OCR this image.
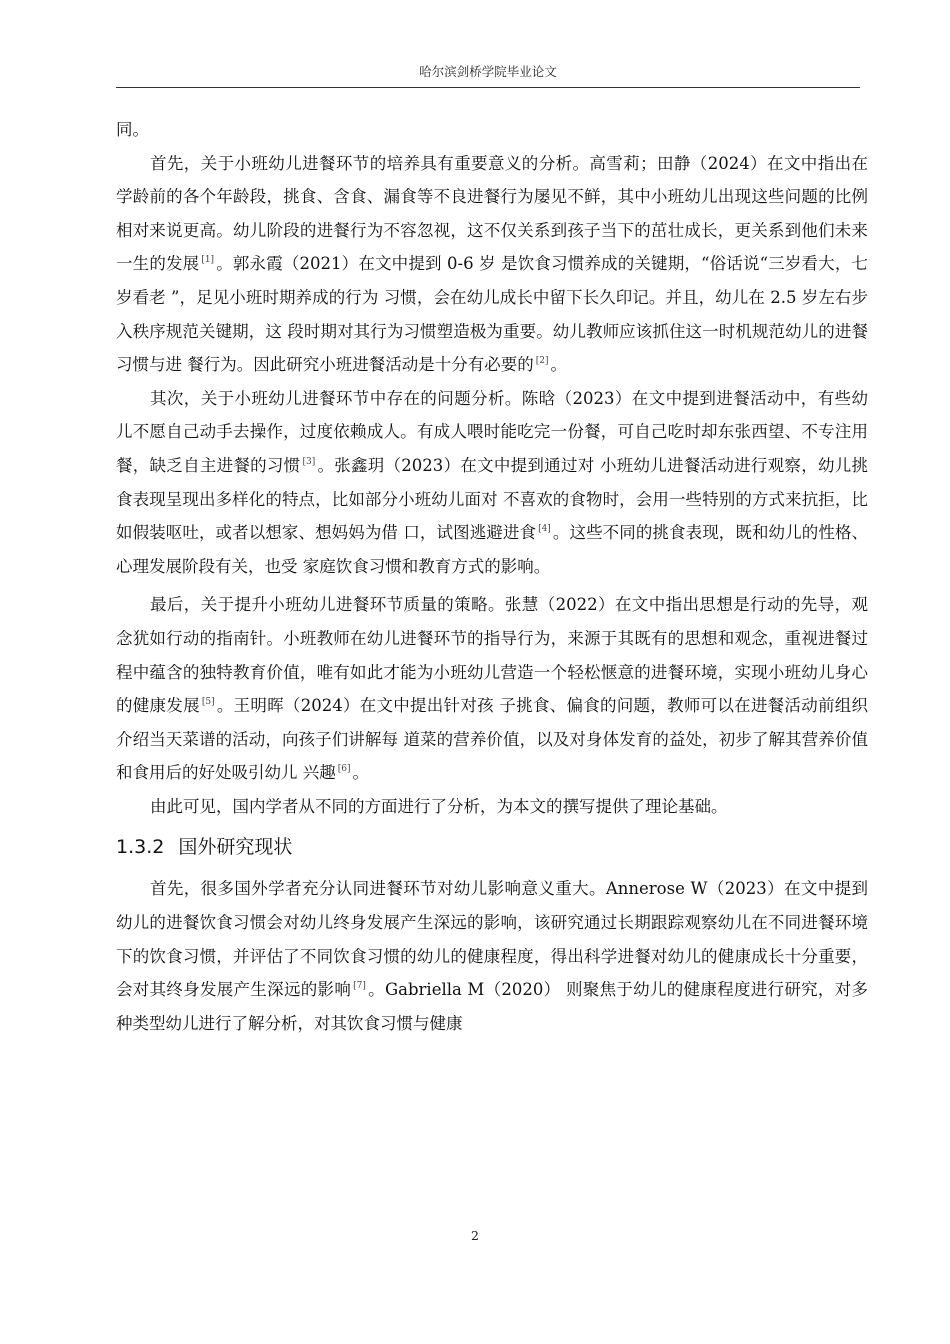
哈尔滨剑桥学院毕业论文

同。

首先，关于小班幼儿进餐环节的培养具有重要意义的分析。高雪莉；田静（2024）在文中指出在学龄前的各个年龄段，挑食、含食、漏食等不良进餐行为屡见不鲜，其中小班幼儿出现这些问题的比例相对来说更高。幼儿阶段的进餐行为不容忽视，这不仅关系到孩子当下的茁壮成长，更关系到他们未来一生的发展 [1] 。郭永霞（2021）在文中提到 0-6 岁 是饮食习惯养成的关键期，“俗话说“三岁看大，七岁看老 ”，足见小班时期养成的行为 习惯，会在幼儿成长中留下长久印记。并且，幼儿在 2.5 岁左右步入秩序规范关键期，这 段时期对其行为习惯塑造极为重要。幼儿教师应该抓住这一时机规范幼儿的进餐习惯与进 餐行为。因此研究小班进餐活动是十分有必要的 [2] 。

其次，关于小班幼儿进餐环节中存在的问题分析。陈晗（2023）在文中提到进餐活动中，有些幼儿不愿自己动手去操作，过度依赖成人。有成人喂时能吃完一份餐，可自己吃时却东张西望、不专注用餐，缺乏自主进餐的习惯 [3] 。张鑫玥（2023）在文中提到通过对 小班幼儿进餐活动进行观察，幼儿挑食表现呈现出多样化的特点，比如部分小班幼儿面对 不喜欢的食物时，会用一些特别的方式来抗拒，比如假装呕吐，或者以想家、想妈妈为借 口，试图逃避进食 [4] 。这些不同的挑食表现，既和幼儿的性格、心理发展阶段有关，也受 家庭饮食习惯和教育方式的影响。

最后，关于提升小班幼儿进餐环节质量的策略。张慧（2022）在文中指出思想是行动的先导，观念犹如行动的指南针。小班教师在幼儿进餐环节的指导行为，来源于其既有的思想和观念，重视进餐过程中蕴含的独特教育价值，唯有如此才能为小班幼儿营造一个轻松惬意的进餐环境，实现小班幼儿身心的健康发展 [5] 。王明晖（2024）在文中提出针对孩 子挑食、偏食的问题，教师可以在进餐活动前组织介绍当天菜谱的活动，向孩子们讲解每 道菜的营养价值，以及对身体发育的益处，初步了解其营养价值和食用后的好处吸引幼儿 兴趣 [6] 。

由此可见，国内学者从不同的方面进行了分析，为本文的撰写提供了理论基础。

1.3.2 国外研究现状

首先，很多国外学者充分认同进餐环节对幼儿影响意义重大。Annerose W（2023）在文中提到幼儿的进餐饮食习惯会对幼儿终身发展产生深远的影响，该研究通过长期跟踪观察幼儿在不同进餐环境下的饮食习惯，并评估了不同饮食习惯的幼儿的健康程度，得出科学进餐对幼儿的健康成长十分重要，会对其终身发展产生深远的影响 [7] 。Gabriella M（2020） 则聚焦于幼儿的健康程度进行研究，对多种类型幼儿进行了解分析，对其饮食习惯与健康

2
